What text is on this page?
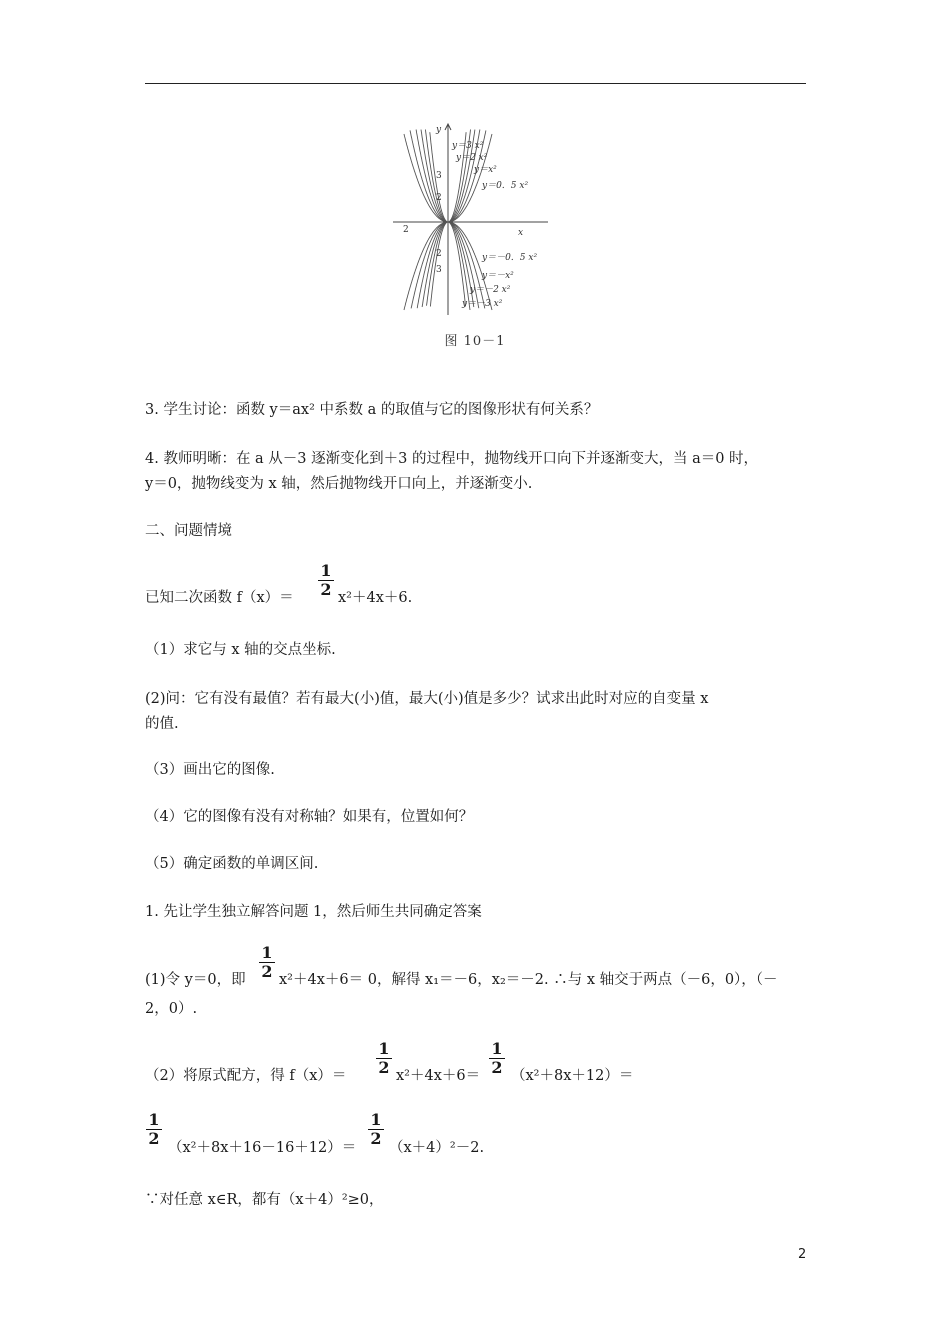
y
x
3
2
2
3
2
y＝3 x²
y＝2 x²
y＝x²
y＝0．5 x²
y＝－0．5 x²
y＝－x²
y＝－2 x²
y＝－3 x²
图 10－1
3. 学生讨论：函数 y＝ax² 中系数 a 的取值与它的图像形状有何关系？
4. 教师明晰：在 a 从－3 逐渐变化到＋3 的过程中，抛物线开口向下并逐渐变大，当 a＝0 时，
y＝0，抛物线变为 x 轴，然后抛物线开口向上，并逐渐变小.
二、问题情境
已知二次函数 f（x）＝
1
2 x²＋4x＋6.
（1）求它与 x 轴的交点坐标.
(2)问：它有没有最值？若有最大(小)值，最大(小)值是多少？试求出此时对应的自变量 x
的值.
（3）画出它的图像.
（4）它的图像有没有对称轴？如果有，位置如何？
（5）确定函数的单调区间.
1. 先让学生独立解答问题 1，然后师生共同确定答案
(1)令 y＝0，即
1
2 x²＋4x＋6＝ 0，解得 x₁＝－6，x₂＝－2. ∴与 x 轴交于两点（－6，0），（－
2，0）.
（2）将原式配方，得 f（x）＝
1
2 x²＋4x＋6＝
1
2 （x²＋8x＋12）＝
1
2 （x²＋8x＋16－16＋12）＝
1
2 （x＋4）²－2.
∵对任意 x∈R，都有（x＋4）²≥0，
2
